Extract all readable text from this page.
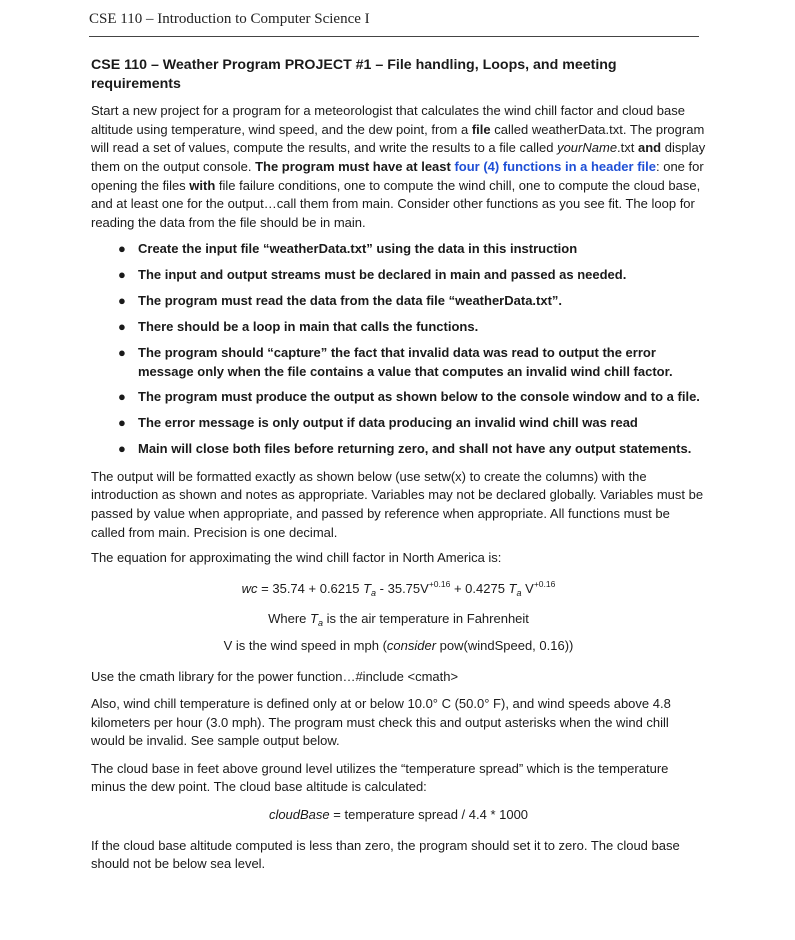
CSE 110 – Introduction to Computer Science I
CSE 110 – Weather Program PROJECT #1 – File handling, Loops, and meeting requirements

Start a new project for a program for a meteorologist that calculates the wind chill factor and cloud base altitude using temperature, wind speed, and the dew point, from a file called weatherData.txt. The program will read a set of values, compute the results, and write the results to a file called yourName.txt and display them on the output console. The program must have at least four (4) functions in a header file: one for opening the files with file failure conditions, one to compute the wind chill, one to compute the cloud base, and at least one for the output…call them from main. Consider other functions as you see fit. The loop for reading the data from the file should be in main.

● Create the input file “weatherData.txt” using the data in this instruction
● The input and output streams must be declared in main and passed as needed.
● The program must read the data from the data file “weatherData.txt”.
● There should be a loop in main that calls the functions.
● The program should “capture” the fact that invalid data was read to output the error message only when the file contains a value that computes an invalid wind chill factor.
● The program must produce the output as shown below to the console window and to a file.
● The error message is only output if data producing an invalid wind chill was read
● Main will close both files before returning zero, and shall not have any output statements.

The output will be formatted exactly as shown below (use setw(x) to create the columns) with the introduction as shown and notes as appropriate. Variables may not be declared globally. Variables must be passed by value when appropriate, and passed by reference when appropriate. All functions must be called from main. Precision is one decimal.

The equation for approximating the wind chill factor in North America is:

wc = 35.74 + 0.6215 $T_a - 35.75V^{+0.16} + 0.4275$ $T_a$ $V^{+0.16}$
Where $T_a$ is the air temperature in Fahrenheit
V is the wind speed in mph (consider pow(windSpeed, 0.16))

Use the cmath library for the power function…#include <cmath>

Also, wind chill temperature is defined only at or below 10.0° C (50.0° F), and wind speeds above 4.8 kilometers per hour (3.0 mph). The program must check this and output asterisks when the wind chill would be invalid. See sample output below.

The cloud base in feet above ground level utilizes the “temperature spread” which is the temperature minus the dew point. The cloud base altitude is calculated:

cloudBase = temperature spread / 4.4 * 1000

If the cloud base altitude computed is less than zero, the program should set it to zero. The cloud base should not be below sea level.
